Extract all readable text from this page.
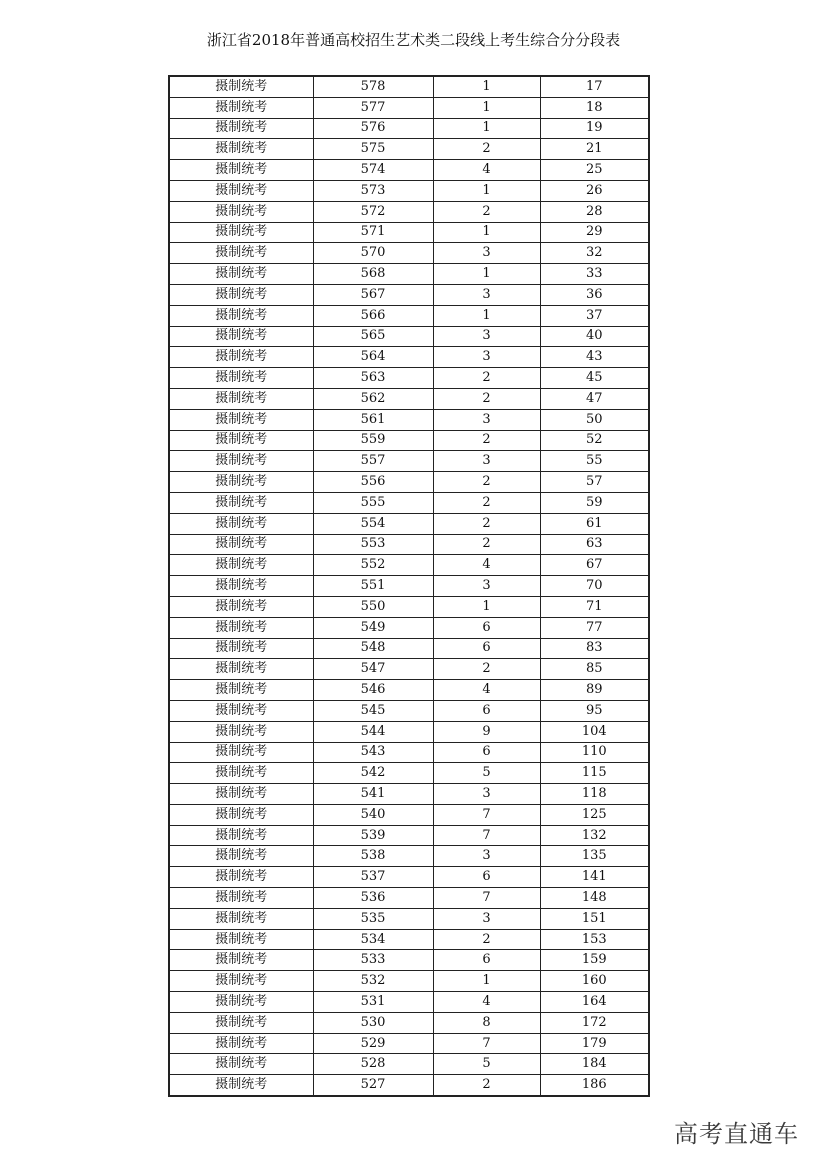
浙江省2018年普通高校招生艺术类二段线上考生综合分分段表
摄制统考	578	1	17
摄制统考	577	1	18
摄制统考	576	1	19
摄制统考	575	2	21
摄制统考	574	4	25
摄制统考	573	1	26
摄制统考	572	2	28
摄制统考	571	1	29
摄制统考	570	3	32
摄制统考	568	1	33
摄制统考	567	3	36
摄制统考	566	1	37
摄制统考	565	3	40
摄制统考	564	3	43
摄制统考	563	2	45
摄制统考	562	2	47
摄制统考	561	3	50
摄制统考	559	2	52
摄制统考	557	3	55
摄制统考	556	2	57
摄制统考	555	2	59
摄制统考	554	2	61
摄制统考	553	2	63
摄制统考	552	4	67
摄制统考	551	3	70
摄制统考	550	1	71
摄制统考	549	6	77
摄制统考	548	6	83
摄制统考	547	2	85
摄制统考	546	4	89
摄制统考	545	6	95
摄制统考	544	9	104
摄制统考	543	6	110
摄制统考	542	5	115
摄制统考	541	3	118
摄制统考	540	7	125
摄制统考	539	7	132
摄制统考	538	3	135
摄制统考	537	6	141
摄制统考	536	7	148
摄制统考	535	3	151
摄制统考	534	2	153
摄制统考	533	6	159
摄制统考	532	1	160
摄制统考	531	4	164
摄制统考	530	8	172
摄制统考	529	7	179
摄制统考	528	5	184
摄制统考	527	2	186
高考直通车
